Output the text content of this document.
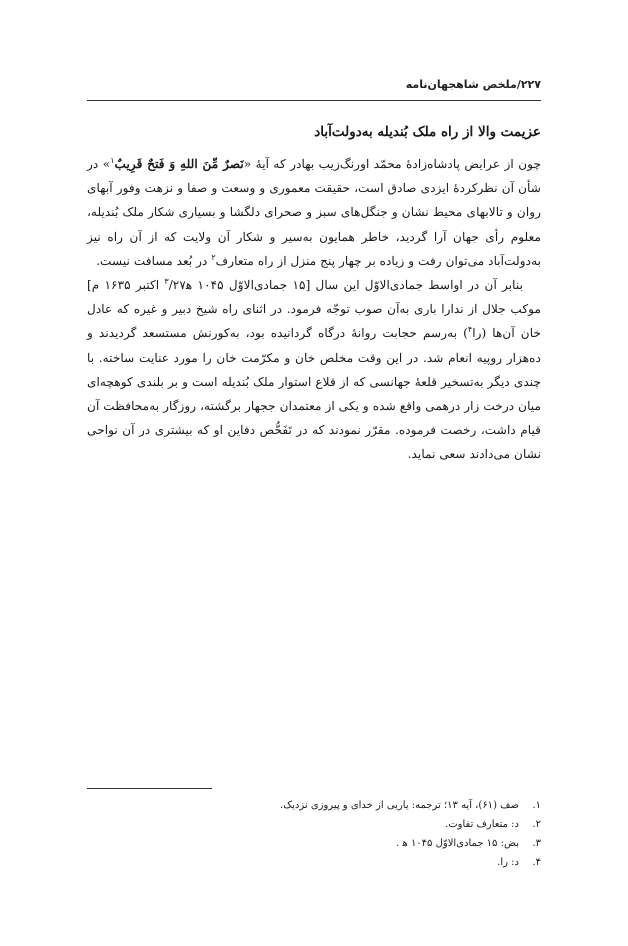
۲۲۷/ملخص شاهجهان‌نامه
عزیمت والا از راه ملک بُندیله به‌دولت‌آباد

چون از عرایض پادشاه‌زادهٔ محمّد اورنگ‌زیب بهادر که آیهٔ «نَصرٌ مِّنَ اللهِ وَ فَتحٌ قَرِیبٌ$^۱$» در شأن آن نظرکردهٔ ایزدی صادق است، حقیقت معموری و وسعت و صفا و نزهت وفور آبهای روان و تالابهای محیط نشان و جنگل‌های سبز و صحرای دلگشا و بسیاری شکار ملک بُندیله، معلوم رأی جهان آرا گردید، خاطر همایون به‌سیر و شکار آن ولایت که از آن راه نیز به‌دولت‌آباد می‌توان رفت و زیاده بر چهار پنج منزل از راه متعارف$^۲$ در بُعد مسافت نیست.

بنابر آن در اواسط جمادی‌الاوّل این سال [۱۵ جمادی‌الاوّل ۱۰۴۵ ه‍$^۳$/۲۷ اکتبر ۱۶۳۵ م] موکب جلال از ندارا باری به‌آن صوب توجّه فرمود. در اثنای راه شیخ دبیر و غیره که عادل خان آن‌ها (را$^۴$) به‌رسم حجابت روانهٔ درگاه گردانیده بود، به‌کورنش مستسعد گردیدند و ده‌هزار روپیه انعام شد. در این وقت مخلص خان و مکرّمت خان را مورد عنایت ساخته. با چندی دیگر به‌تسخیر قلعهٔ جهانسی که از قلاع استوار ملک بُندیله است و بر بلندی کوهچه‌ای میان درخت زار درهمی واقع شده و یکی از معتمدان ججهار برگشته، روزگار به‌محافظت آن قیام داشت، رخصت فرموده. مقرّر نمودند که در تَفَحُّص دفاین او که بیشتری در آن نواحی نشان می‌دادند سعی نماید.

۱.
صف (۶۱)، آیه ۱۳؛ ترجمه: یاریی از خدای و پیروزی نزدیک.
۲.
د: متعارف تفاوت.
۳.
بض: ۱۵ جمادی‌الاوّل ۱۰۴۵ ه‍ .
۴.
د: را.
